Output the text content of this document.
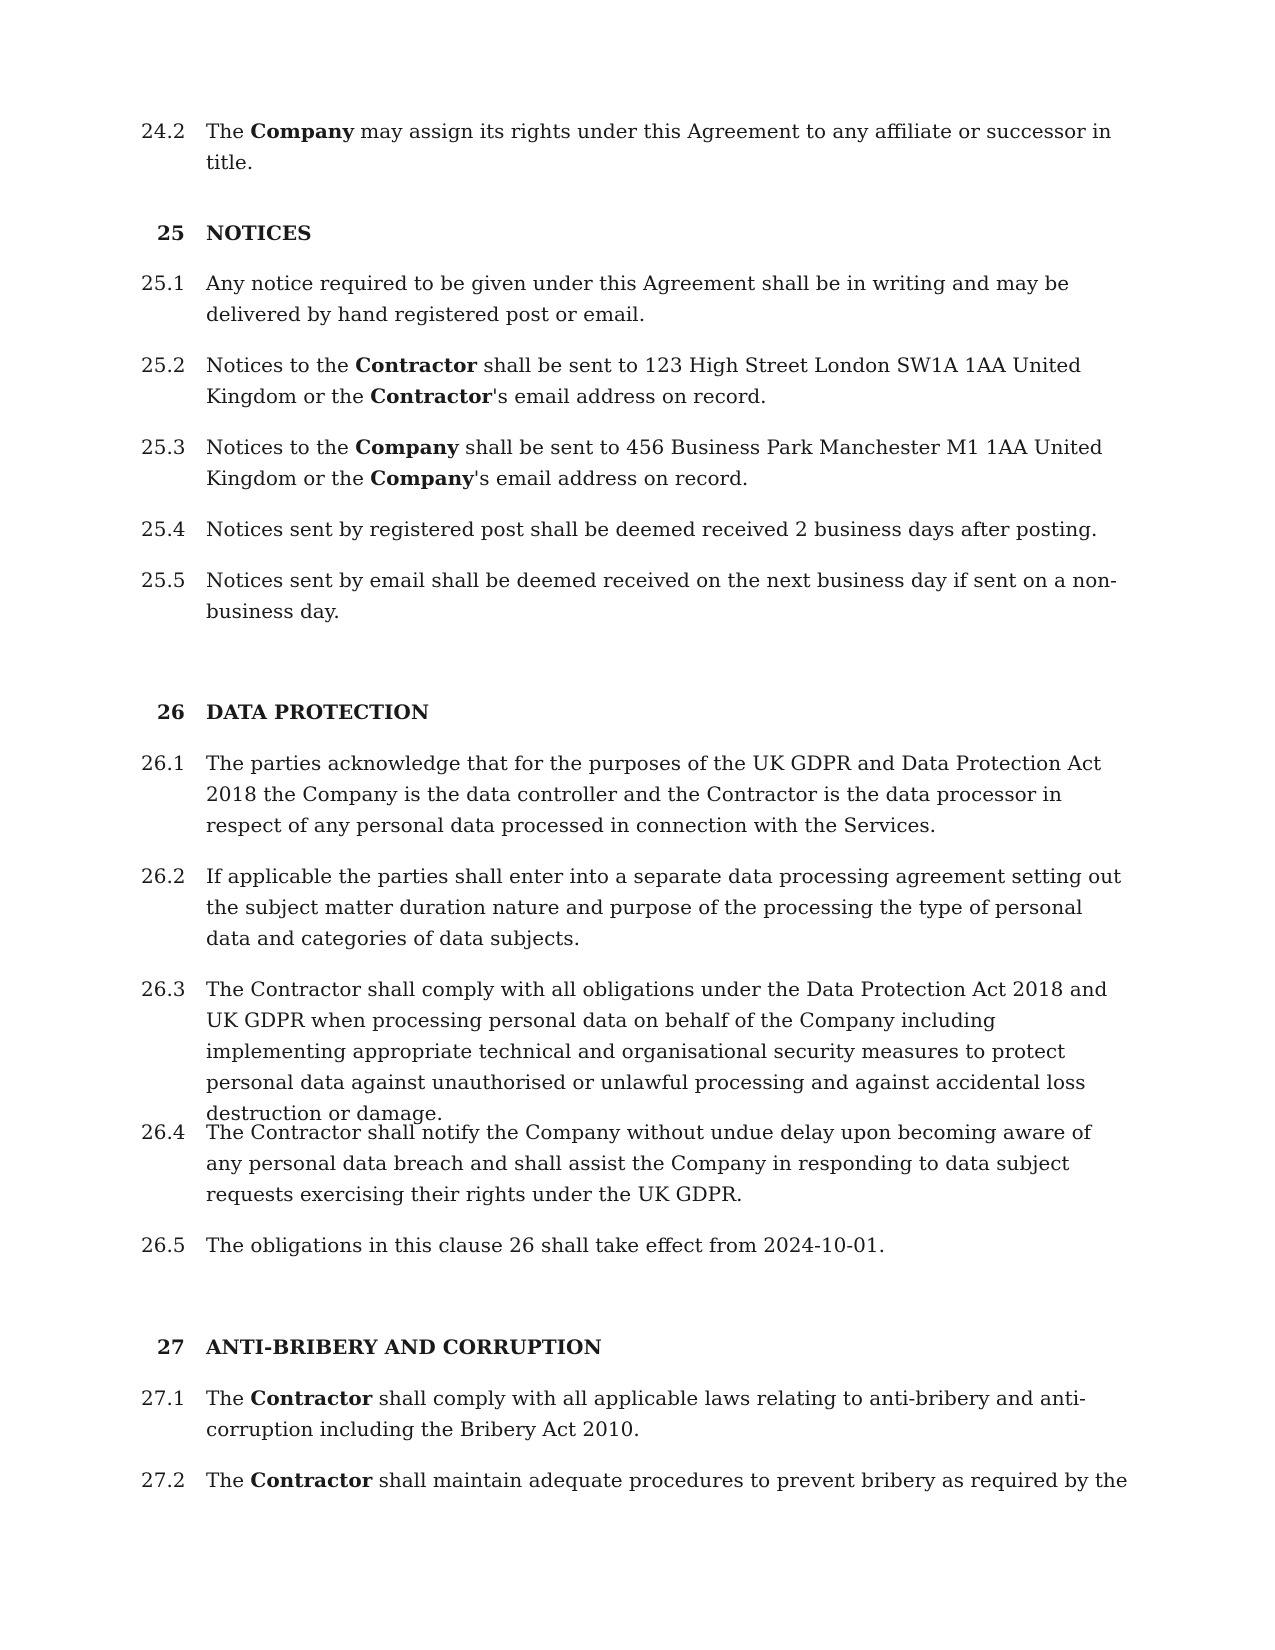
24.2	The Company may assign its rights under this Agreement to any affiliate or successor in title.
25	NOTICES
25.1	Any notice required to be given under this Agreement shall be in writing and may be delivered by hand registered post or email.
25.2	Notices to the Contractor shall be sent to 123 High Street London SW1A 1AA United Kingdom or the Contractor's email address on record.
25.3	Notices to the Company shall be sent to 456 Business Park Manchester M1 1AA United Kingdom or the Company's email address on record.
25.4	Notices sent by registered post shall be deemed received 2 business days after posting.
25.5	Notices sent by email shall be deemed received on the next business day if sent on a non-business day.
26	DATA PROTECTION
26.1	The parties acknowledge that for the purposes of the UK GDPR and Data Protection Act 2018 the Company is the data controller and the Contractor is the data processor in respect of any personal data processed in connection with the Services.
26.2	If applicable the parties shall enter into a separate data processing agreement setting out the subject matter duration nature and purpose of the processing the type of personal data and categories of data subjects.
26.3	The Contractor shall comply with all obligations under the Data Protection Act 2018 and UK GDPR when processing personal data on behalf of the Company including implementing appropriate technical and organisational security measures to protect personal data against unauthorised or unlawful processing and against accidental loss destruction or damage.
26.4	The Contractor shall notify the Company without undue delay upon becoming aware of any personal data breach and shall assist the Company in responding to data subject requests exercising their rights under the UK GDPR.
26.5	The obligations in this clause 26 shall take effect from 2024-10-01.
27	ANTI-BRIBERY AND CORRUPTION
27.1	The Contractor shall comply with all applicable laws relating to anti-bribery and anti-corruption including the Bribery Act 2010.
27.2	The Contractor shall maintain adequate procedures to prevent bribery as required by the
